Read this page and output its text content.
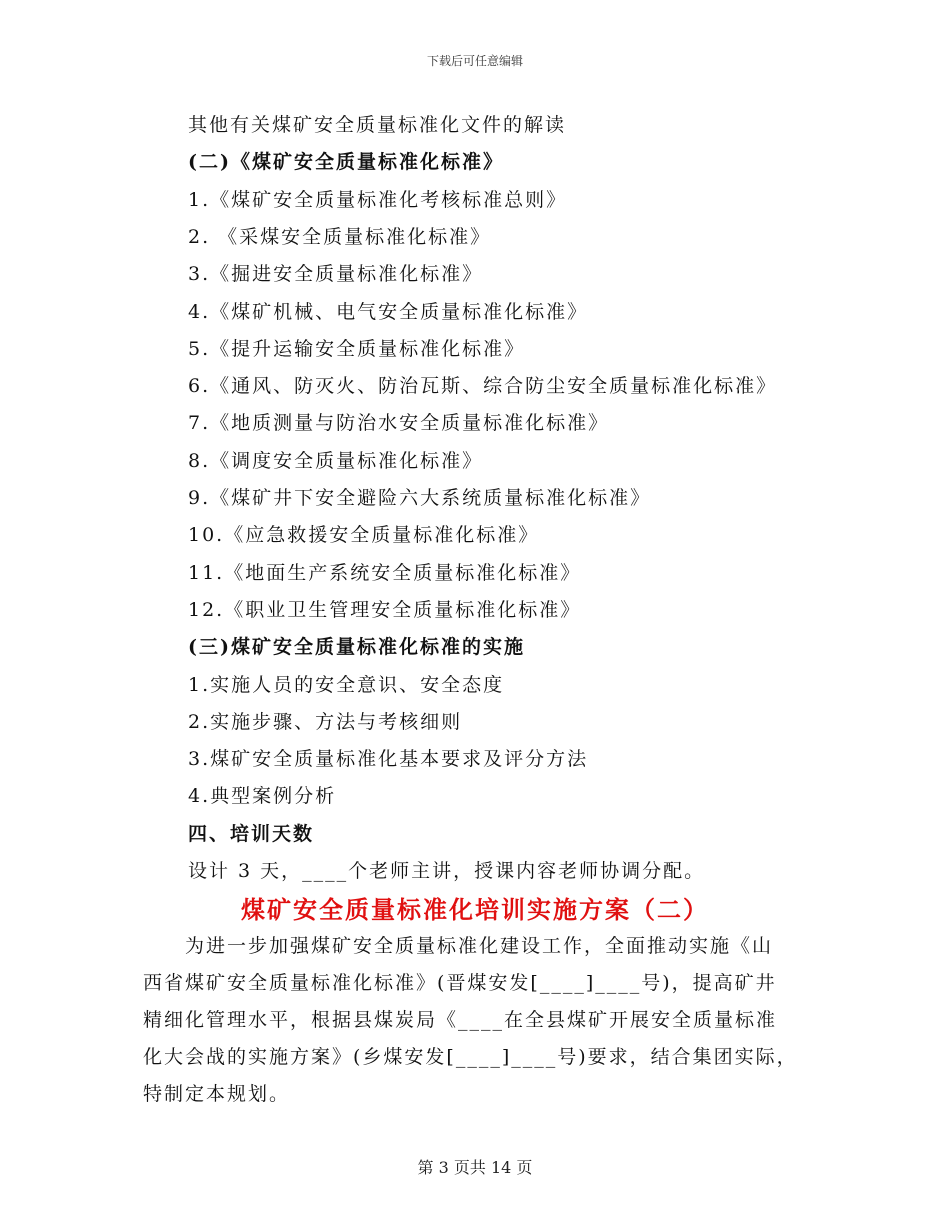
下载后可任意编辑
其他有关煤矿安全质量标准化文件的解读
(二)《煤矿安全质量标准化标准》
1.《煤矿安全质量标准化考核标准总则》
2. 《采煤安全质量标准化标准》
3.《掘进安全质量标准化标准》
4.《煤矿机械、电气安全质量标准化标准》
5.《提升运输安全质量标准化标准》
6.《通风、防灭火、防治瓦斯、综合防尘安全质量标准化标准》
7.《地质测量与防治水安全质量标准化标准》
8.《调度安全质量标准化标准》
9.《煤矿井下安全避险六大系统质量标准化标准》
10.《应急救援安全质量标准化标准》
11.《地面生产系统安全质量标准化标准》
12.《职业卫生管理安全质量标准化标准》
(三)煤矿安全质量标准化标准的实施
1.实施人员的安全意识、安全态度
2.实施步骤、方法与考核细则
3.煤矿安全质量标准化基本要求及评分方法
4.典型案例分析
四、培训天数
设计 3 天，____个老师主讲，授课内容老师协调分配。
煤矿安全质量标准化培训实施方案（二）
　　为进一步加强煤矿安全质量标准化建设工作，全面推动实施《山
西省煤矿安全质量标准化标准》(晋煤安发[____]____号)，提高矿井
精细化管理水平，根据县煤炭局《____在全县煤矿开展安全质量标准
化大会战的实施方案》(乡煤安发[____]____号)要求，结合集团实际，
特制定本规划。
第 3 页共 14 页
